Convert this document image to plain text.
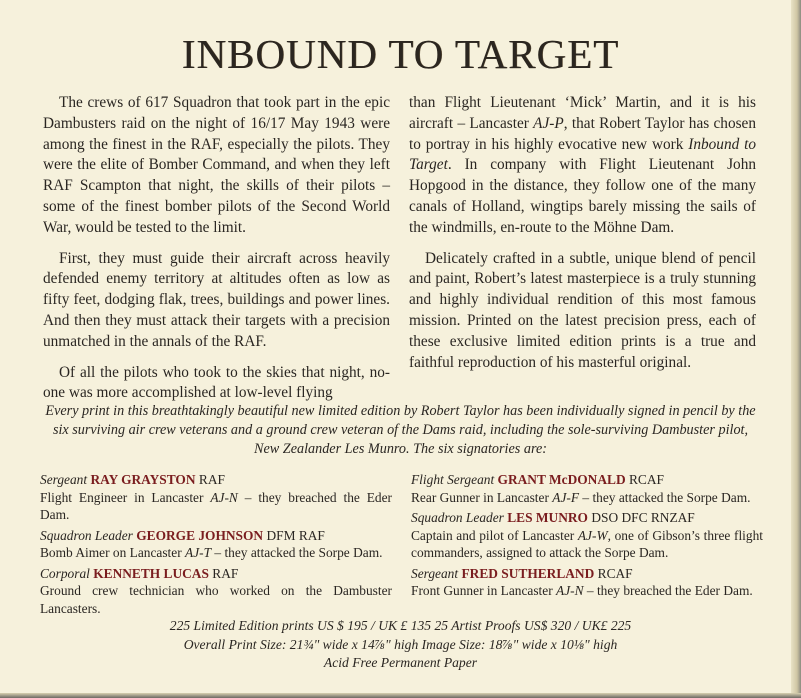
INBOUND TO TARGET

The crews of 617 Squadron that took part in the epic Dambusters raid on the night of 16/17 May 1943 were among the finest in the RAF, especially the pilots. They were the elite of Bomber Command, and when they left RAF Scampton that night, the skills of their pilots – some of the finest bomber pilots of the Second World War, would be tested to the limit.

First, they must guide their aircraft across heavily defended enemy territory at altitudes often as low as fifty feet, dodging flak, trees, buildings and power lines. And then they must attack their targets with a precision unmatched in the annals of the RAF.

Of all the pilots who took to the skies that night, no-one was more accomplished at low-level flying

than Flight Lieutenant ‘Mick’ Martin, and it is his aircraft – Lancaster AJ-P, that Robert Taylor has chosen to portray in his highly evocative new work Inbound to Target. In company with Flight Lieutenant John Hopgood in the distance, they follow one of the many canals of Holland, wingtips barely missing the sails of the windmills, en-route to the Möhne Dam.

Delicately crafted in a subtle, unique blend of pencil and paint, Robert’s latest masterpiece is a truly stunning and highly individual rendition of this most famous mission. Printed on the latest precision press, each of these exclusive limited edition prints is a true and faithful reproduction of his masterful original.

Every print in this breathtakingly beautiful new limited edition by Robert Taylor has been individually signed in pencil by the six surviving air crew veterans and a ground crew veteran of the Dams raid, including the sole-surviving Dambuster pilot, New Zealander Les Munro. The six signatories are:
Sergeant RAY GRAYSTON RAF
Flight Engineer in Lancaster AJ-N – they breached the Eder Dam.
Squadron Leader GEORGE JOHNSON DFM RAF
Bomb Aimer on Lancaster AJ-T – they attacked the Sorpe Dam.
Corporal KENNETH LUCAS RAF
Ground crew technician who worked on the Dambuster Lancasters.
Flight Sergeant GRANT McDONALD RCAF
Rear Gunner in Lancaster AJ-F – they attacked the Sorpe Dam.
Squadron Leader LES MUNRO DSO DFC RNZAF
Captain and pilot of Lancaster AJ-W, one of Gibson’s three flight commanders, assigned to attack the Sorpe Dam.
Sergeant FRED SUTHERLAND RCAF
Front Gunner in Lancaster AJ-N – they breached the Eder Dam.
225 Limited Edition prints US $ 195 / UK £ 135 25 Artist Proofs US$ 320 / UK£ 225
Overall Print Size: 21¾" wide x 14⅞" high Image Size: 18⅞" wide x 10⅛" high
Acid Free Permanent Paper
